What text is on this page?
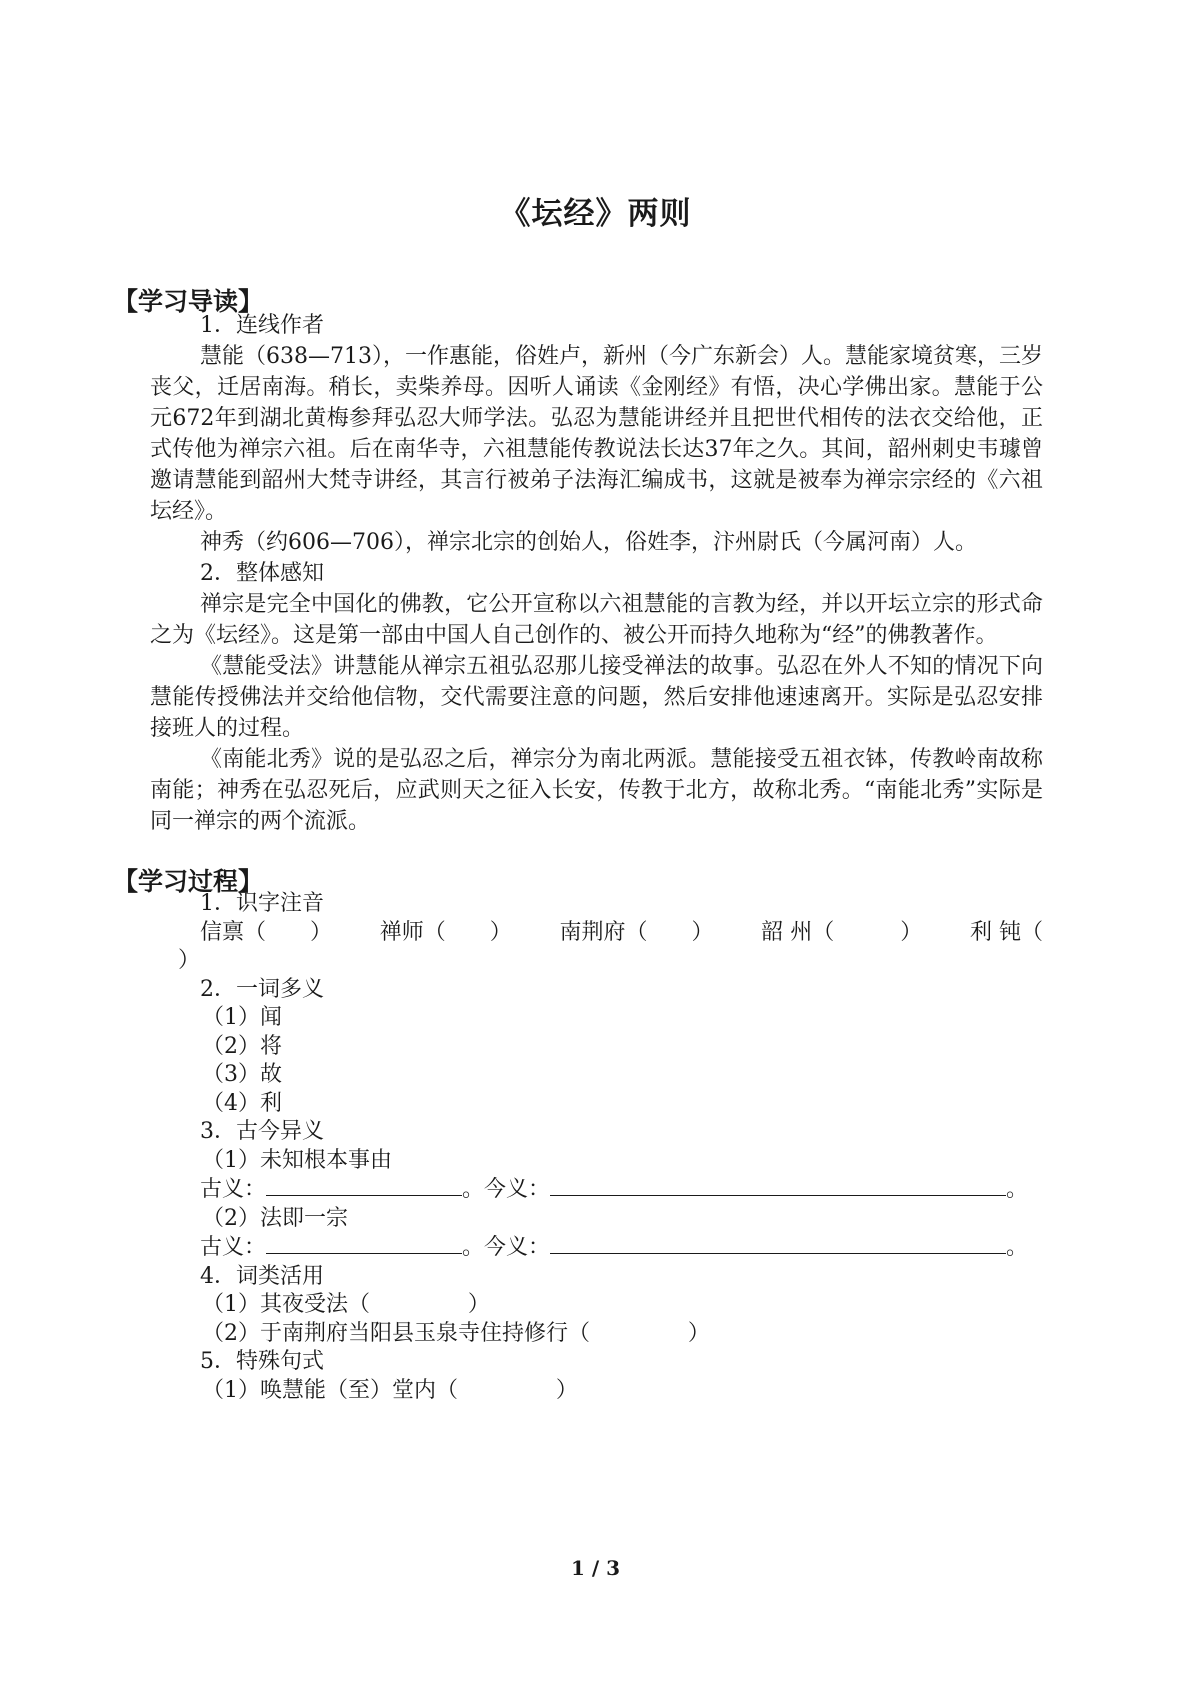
《坛经》两则
【学习导读】
1．连线作者

慧能（638—713），一作惠能，俗姓卢，新州（今广东新会）人。慧能家境贫寒，三岁丧父，迁居南海。稍长，卖柴养母。因听人诵读《金刚经》有悟，决心学佛出家。慧能于公元672年到湖北黄梅参拜弘忍大师学法。弘忍为慧能讲经并且把世代相传的法衣交给他，正式传他为禅宗六祖。后在南华寺，六祖慧能传教说法长达37年之久。其间，韶州刺史韦璩曾邀请慧能到韶州大梵寺讲经，其言行被弟子法海汇编成书，这就是被奉为禅宗宗经的《六祖坛经》。

神秀（约606—706），禅宗北宗的创始人，俗姓李，汴州尉氏（今属河南）人。

2．整体感知

禅宗是完全中国化的佛教，它公开宣称以六祖慧能的言教为经，并以开坛立宗的形式命之为《坛经》。这是第一部由中国人自己创作的、被公开而持久地称为“经”的佛教著作。

《慧能受法》讲慧能从禅宗五祖弘忍那儿接受禅法的故事。弘忍在外人不知的情况下向慧能传授佛法并交给他信物，交代需要注意的问题，然后安排他速速离开。实际是弘忍安排接班人的过程。

《南能北秀》说的是弘忍之后，禅宗分为南北两派。慧能接受五祖衣钵，传教岭南故称南能；神秀在弘忍死后，应武则天之征入长安，传教于北方，故称北秀。“南能北秀”实际是同一禅宗的两个流派。

【学习过程】
1．识字注音
信禀（　　） 禅师（　　） 南荆府（　　） 韶 州（　　　） 利 钝（
）
2．一词多义
（1）闻
（2）将
（3）故
（4）利
3．古今异义
（1）未知根本事由
古义：	。今义：	。
（2）法即一宗
古义：	。今义：	。
4．词类活用
（1）其夜受法（	）
（2）于南荆府当阳县玉泉寺住持修行（	）
5．特殊句式
（1）唤慧能（至）堂内（	）
1 / 3
